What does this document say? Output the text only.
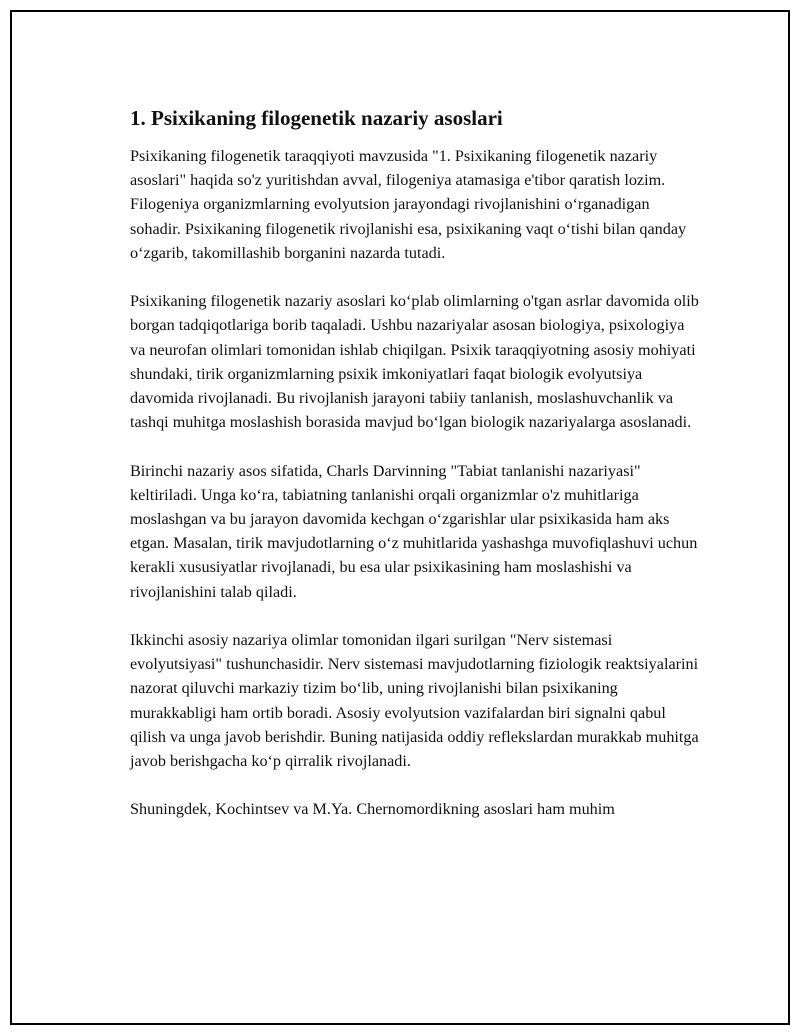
1. Psixikaning filogenetik nazariy asoslari

Psixikaning filogenetik taraqqiyoti mavzusida "1. Psixikaning filogenetik nazariy asoslari" haqida so'z yuritishdan avval, filogeniya atamasiga e'tibor qaratish lozim. Filogeniya organizmlarning evolyutsion jarayondagi rivojlanishini o‘rganadigan sohadir. Psixikaning filogenetik rivojlanishi esa, psixikaning vaqt o‘tishi bilan qanday o‘zgarib, takomillashib borganini nazarda tutadi.

Psixikaning filogenetik nazariy asoslari ko‘plab olimlarning o'tgan asrlar davomida olib borgan tadqiqotlariga borib taqaladi. Ushbu nazariyalar asosan biologiya, psixologiya va neurofan olimlari tomonidan ishlab chiqilgan. Psixik taraqqiyotning asosiy mohiyati shundaki, tirik organizmlarning psixik imkoniyatlari faqat biologik evolyutsiya davomida rivojlanadi. Bu rivojlanish jarayoni tabiiy tanlanish, moslashuvchanlik va tashqi muhitga moslashish borasida mavjud bo‘lgan biologik nazariyalarga asoslanadi.

Birinchi nazariy asos sifatida, Charls Darvinning "Tabiat tanlanishi nazariyasi" keltiriladi. Unga ko‘ra, tabiatning tanlanishi orqali organizmlar o'z muhitlariga moslashgan va bu jarayon davomida kechgan o‘zgarishlar ular psixikasida ham aks etgan. Masalan, tirik mavjudotlarning o‘z muhitlarida yashashga muvofiqlashuvi uchun kerakli xususiyatlar rivojlanadi, bu esa ular psixikasining ham moslashishi va rivojlanishini talab qiladi.

Ikkinchi asosiy nazariya olimlar tomonidan ilgari surilgan "Nerv sistemasi evolyutsiyasi" tushunchasidir. Nerv sistemasi mavjudotlarning fiziologik reaktsiyalarini nazorat qiluvchi markaziy tizim bo‘lib, uning rivojlanishi bilan psixikaning murakkabligi ham ortib boradi. Asosiy evolyutsion vazifalardan biri signalni qabul qilish va unga javob berishdir. Buning natijasida oddiy reflekslardan murakkab muhitga javob berishgacha ko‘p qirralik rivojlanadi.

Shuningdek, Kochintsev va M.Ya. Chernomordikning asoslari ham muhim
